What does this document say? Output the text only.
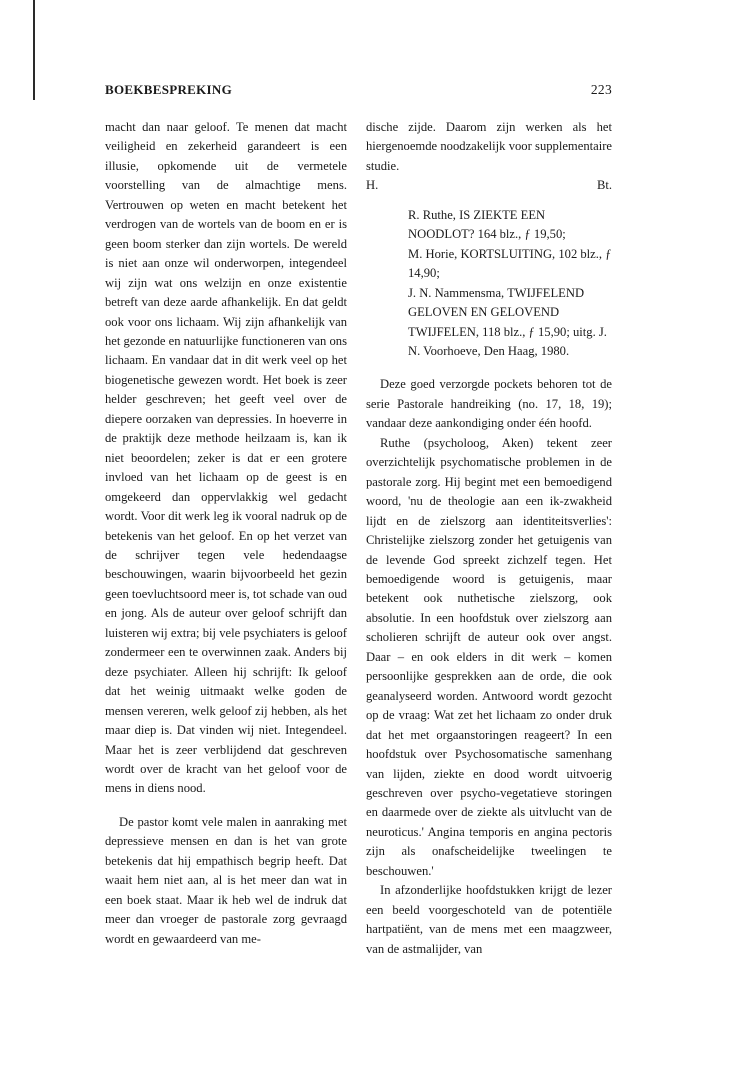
BOEKBESPREKING	223

macht dan naar geloof. Te menen dat macht veiligheid en zekerheid garandeert is een illusie, opkomende uit de vermetele voorstelling van de almachtige mens. Vertrouwen op weten en macht betekent het verdrogen van de wortels van de boom en er is geen boom sterker dan zijn wortels. De wereld is niet aan onze wil onderworpen, integendeel wij zijn wat ons welzijn en onze existentie betreft van deze aarde afhankelijk. En dat geldt ook voor ons lichaam. Wij zijn afhankelijk van het gezonde en natuurlijke functioneren van ons lichaam. En vandaar dat in dit werk veel op het biogenetische gewezen wordt. Het boek is zeer helder geschreven; het geeft veel over de diepere oorzaken van depressies. In hoeverre in de praktijk deze methode heilzaam is, kan ik niet beoordelen; zeker is dat er een grotere invloed van het lichaam op de geest is en omgekeerd dan oppervlakkig wel gedacht wordt. Voor dit werk leg ik vooral nadruk op de betekenis van het geloof. En op het verzet van de schrijver tegen vele hedendaagse beschouwingen, waarin bijvoorbeeld het gezin geen toevluchtsoord meer is, tot schade van oud en jong. Als de auteur over geloof schrijft dan luisteren wij extra; bij vele psychiaters is geloof zondermeer een te overwinnen zaak. Anders bij deze psychiater. Alleen hij schrijft: Ik geloof dat het weinig uitmaakt welke goden de mensen vereren, welk geloof zij hebben, als het maar diep is. Dat vinden wij niet. Integendeel. Maar het is zeer verblijdend dat geschreven wordt over de kracht van het geloof voor de mens in diens nood.

De pastor komt vele malen in aanraking met depressieve mensen en dan is het van grote betekenis dat hij empathisch begrip heeft. Dat waait hem niet aan, al is het meer dan wat in een boek staat. Maar ik heb wel de indruk dat meer dan vroeger de pastorale zorg gevraagd wordt en gewaardeerd van me-

dische zijde. Daarom zijn werken als het hiergenoemde noodzakelijk voor supplementaire studie.

H.	Bt.
R. Ruthe, IS ZIEKTE EEN NOODLOT? 164 blz., ƒ 19,50;
M. Horie, KORTSLUITING, 102 blz., ƒ 14,90;
J. N. Nammensma, TWIJFELEND GELOVEN EN GELOVEND TWIJFELEN, 118 blz., ƒ 15,90; uitg. J. N. Voorhoeve, Den Haag, 1980.

Deze goed verzorgde pockets behoren tot de serie Pastorale handreiking (no. 17, 18, 19); vandaar deze aankondiging onder één hoofd.

Ruthe (psycholoog, Aken) tekent zeer overzichtelijk psychomatische problemen in de pastorale zorg. Hij begint met een bemoedigend woord, 'nu de theologie aan een ik-zwakheid lijdt en de zielszorg aan identiteitsverlies': Christelijke zielszorg zonder het getuigenis van de levende God spreekt zichzelf tegen. Het bemoedigende woord is getuigenis, maar betekent ook nuthetische zielszorg, ook absolutie. In een hoofdstuk over zielszorg aan scholieren schrijft de auteur ook over angst. Daar – en ook elders in dit werk – komen persoonlijke gesprekken aan de orde, die ook geanalyseerd worden. Antwoord wordt gezocht op de vraag: Wat zet het lichaam zo onder druk dat het met orgaanstoringen reageert? In een hoofdstuk over Psychosomatische samenhang van lijden, ziekte en dood wordt uitvoerig geschreven over psycho-vegetatieve storingen en daarmede over de ziekte als uitvlucht van de neuroticus.' Angina temporis en angina pectoris zijn als onafscheidelijke tweelingen te beschouwen.'

In afzonderlijke hoofdstukken krijgt de lezer een beeld voorgeschoteld van de potentiële hartpatiënt, van de mens met een maagzweer, van de astmalijder, van
